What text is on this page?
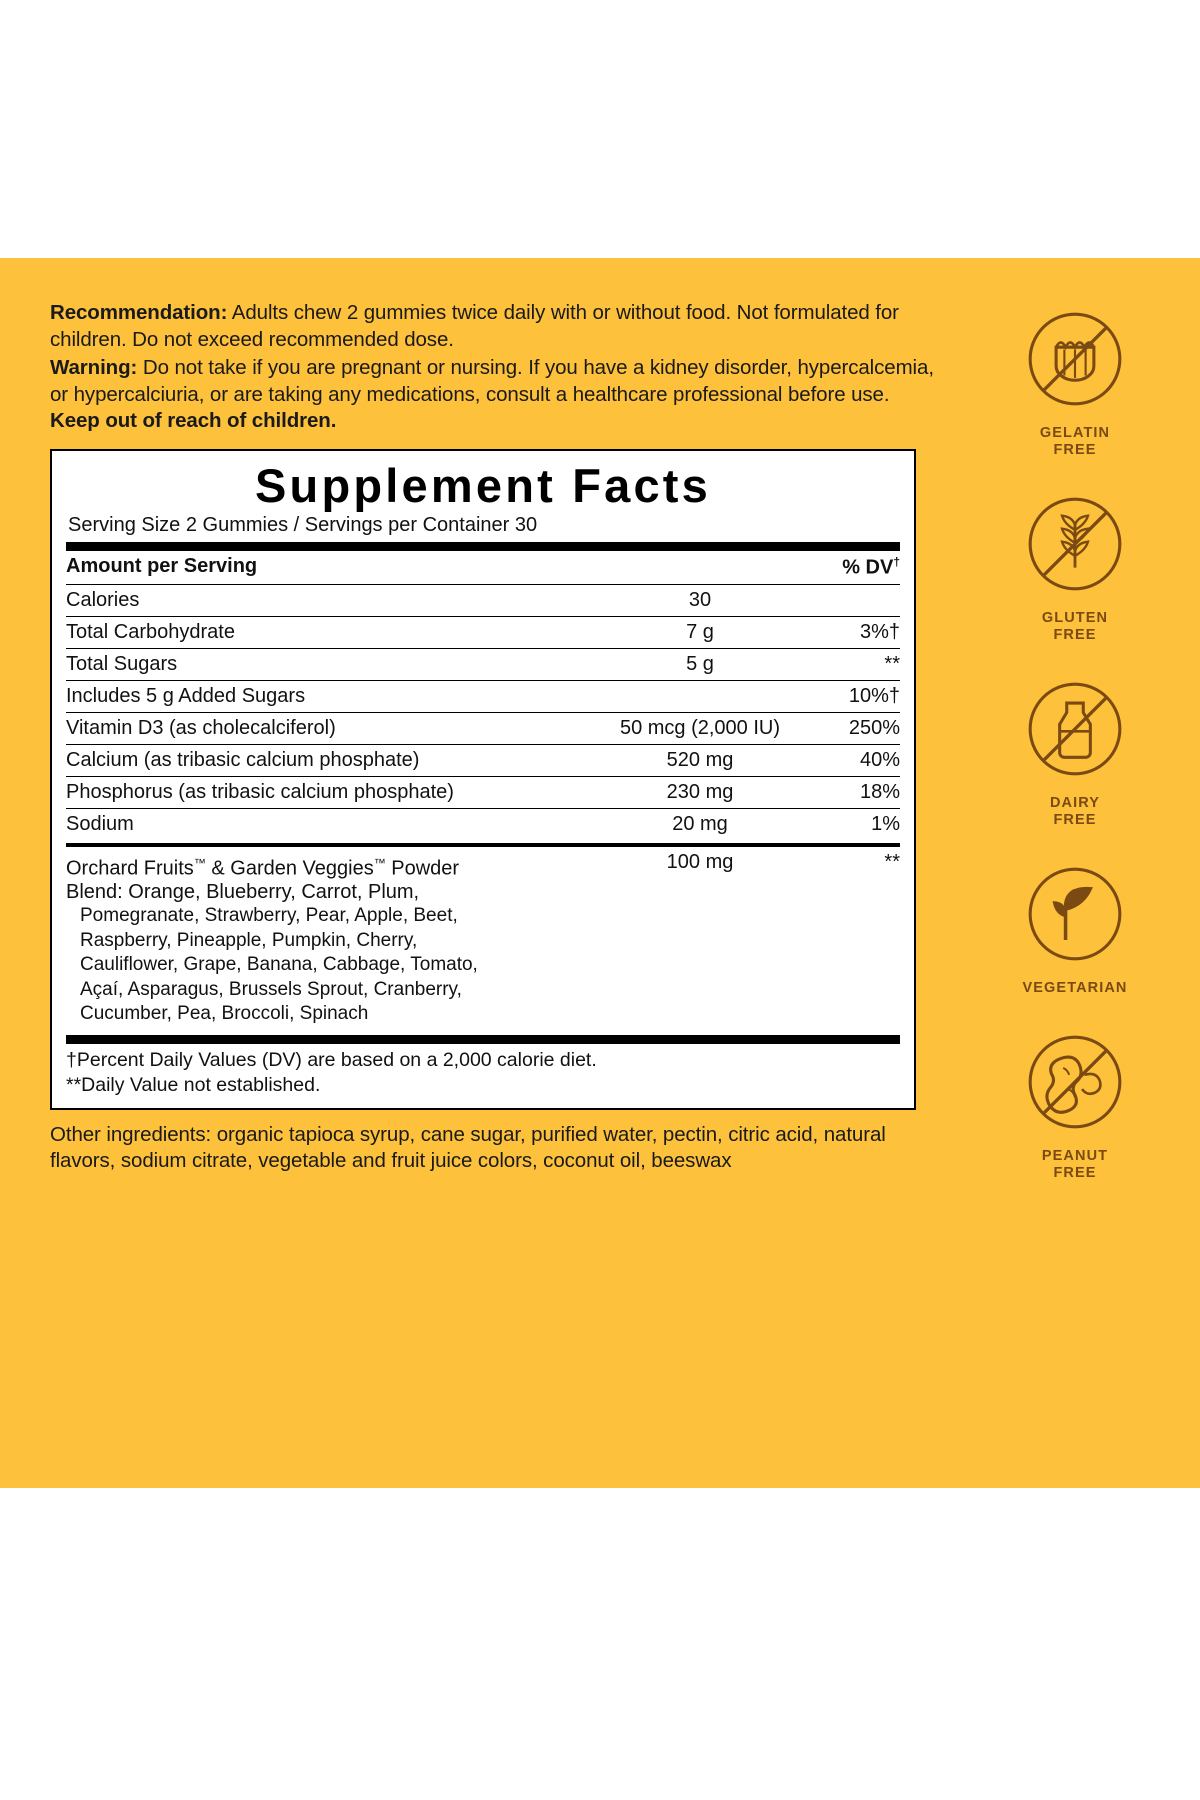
Recommendation: Adults chew 2 gummies twice daily with or without food. Not formulated for children. Do not exceed recommended dose.
Warning: Do not take if you are pregnant or nursing. If you have a kidney disorder, hypercalcemia, or hypercalciuria, or are taking any medications, consult a healthcare professional before use. Keep out of reach of children.
Supplement Facts
Serving Size 2 Gummies / Servings per Container 30
Amount per Serving		% DV†
Calories	30	
Total Carbohydrate	7 g	3%†
Total Sugars	5 g	**
Includes 5 g Added Sugars		10%†
Vitamin D3 (as cholecalciferol)	50 mcg (2,000 IU)	250%
Calcium (as tribasic calcium phosphate)	520 mg	40%
Phosphorus (as tribasic calcium phosphate)	230 mg	18%
Sodium	20 mg	1%
Orchard Fruits™ & Garden Veggies™ Powder
Blend: Orange, Blueberry, Carrot, Plum,
Pomegranate, Strawberry, Pear, Apple, Beet,
Raspberry, Pineapple, Pumpkin, Cherry,
Cauliflower, Grape, Banana, Cabbage, Tomato,
Açaí, Asparagus, Brussels Sprout, Cranberry,
Cucumber, Pea, Broccoli, Spinach
	100 mg	**
†Percent Daily Values (DV) are based on a 2,000 calorie diet.
**Daily Value not established.
Other ingredients: organic tapioca syrup, cane sugar, purified water, pectin, citric acid, natural flavors, sodium citrate, vegetable and fruit juice colors, coconut oil, beeswax
GELATIN
FREE
GLUTEN
FREE
DAIRY
FREE
VEGETARIAN
PEANUT
FREE
